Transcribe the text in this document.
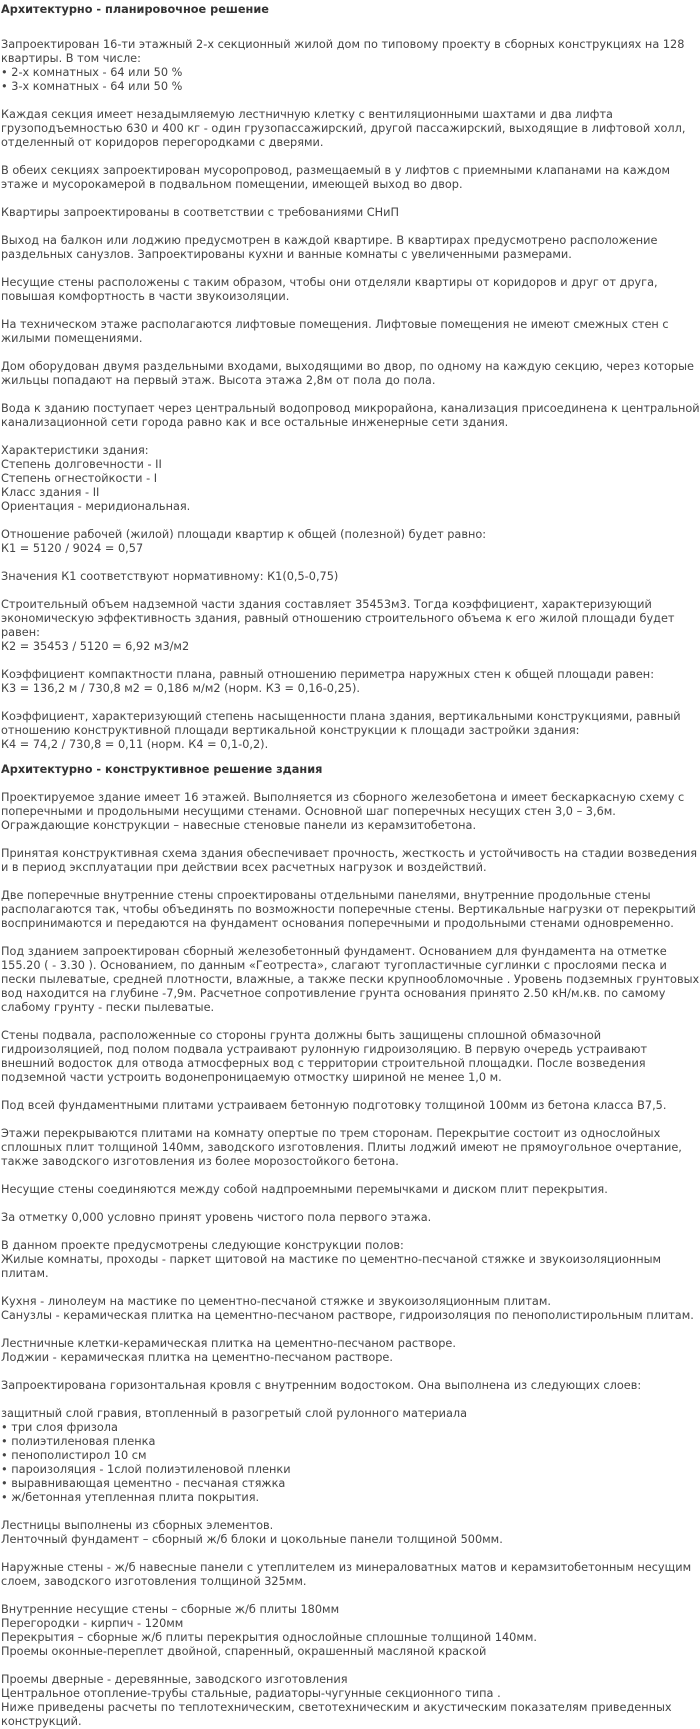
Архитектурно - планировочное решение
Запроектирован 16-ти этажный 2-х секционный жилой дом по типовому проекту в сборных конструкциях на 128 квартиры. В том числе:
• 2-х комнатных - 64 или 50 %
• 3-х комнатных - 64 или 50 %
Каждая секция имеет незадымляемую лестничную клетку с вентиляционными шахтами и два лифта грузоподъемностью 630 и 400 кг - один грузопассажирский, другой пассажирский, выходящие в лифтовой холл, отделенный от коридоров перегородками с дверями.
В обеих секциях запроектирован мусоропровод, размещаемый в у лифтов с приемными клапанами на каждом этаже и мусорокамерой в подвальном помещении, имеющей выход во двор.
Квартиры запроектированы в соответствии с требованиями СНиП
Выход на балкон или лоджию предусмотрен в каждой квартире. В квартирах предусмотрено расположение раздельных санузлов. Запроектированы кухни и ванные комнаты с увеличенными размерами.
Несущие стены расположены с таким образом, чтобы они отделяли квартиры от коридоров и друг от друга, повышая комфортность в части звукоизоляции.
На техническом этаже располагаются лифтовые помещения. Лифтовые помещения не имеют смежных стен с жилыми помещениями.
Дом оборудован двумя раздельными входами, выходящими во двор, по одному на каждую секцию, через которые жильцы попадают на первый этаж. Высота этажа 2,8м от пола до пола.
Вода к зданию поступает через центральный водопровод микрорайона, канализация присоединена к центральной канализационной сети города равно как и все остальные инженерные сети здания.
Характеристики здания:
Степень долговечности - II
Степень огнестойкости - I
Класс здания - II
Ориентация - меридиональная.
Отношение рабочей (жилой) площади квартир к общей (полезной) будет равно:
К1 = 5120 / 9024 = 0,57
Значения К1 соответствуют нормативному: К1(0,5-0,75)
Строительный объем надземной части здания составляет 35453м3. Тогда коэффициент, характеризующий экономическую эффективность здания, равный отношению строительного объема к его жилой площади будет равен:
К2 = 35453 / 5120 = 6,92 м3/м2
Коэффициент компактности плана, равный отношению периметра наружных стен к общей площади равен:
К3 = 136,2 м / 730,8 м2 = 0,186 м/м2 (норм. К3 = 0,16-0,25).
Коэффициент, характеризующий степень насыщенности плана здания, вертикальными конструкциями, равный отношению конструктивной площади вертикальной конструкции к площади застройки здания:
К4 = 74,2 / 730,8 = 0,11 (норм. К4 = 0,1-0,2).
Архитектурно - конструктивное решение здания
Проектируемое здание имеет 16 этажей. Выполняется из сборного железобетона и имеет бескаркасную схему с поперечными и продольными несущими стенами. Основной шаг поперечных несущих стен 3,0 – 3,6м. Ограждающие конструкции – навесные стеновые панели из керамзитобетона.
Принятая конструктивная схема здания обеспечивает прочность, жесткость и устойчивость на стадии возведения и в период эксплуатации при действии всех расчетных нагрузок и воздействий.
Две поперечные внутренние стены спроектированы отдельными панелями, внутренние продольные стены располагаются так, чтобы объединять по возможности поперечные стены. Вертикальные нагрузки от перекрытий воспринимаются и передаются на фундамент основания поперечными и продольными стенами одновременно.
Под зданием запроектирован сборный железобетонный фундамент. Основанием для фундамента на отметке 155.20 ( - 3.30 ). Основанием, по данным «Геотреста», слагают тугопластичные суглинки с прослоями песка и пески пылеватые, средней плотности, влажные, а также пески крупнообломочные . Уровень подземных грунтовых вод находится на глубине -7,9м. Расчетное сопротивление грунта основания принято 2.50 кН/м.кв. по самому слабому грунту - пески пылеватые.
Стены подвала, расположенные со стороны грунта должны быть защищены сплошной обмазочной гидроизоляцией, под полом подвала устраивают рулонную гидроизоляцию. В первую очередь устраивают внешний водосток для отвода атмосферных вод с территории строительной площадки. После возведения подземной части устроить водонепроницаемую отмостку шириной не менее 1,0 м.
Под всей фундаментными плитами устраиваем бетонную подготовку толщиной 100мм из бетона класса В7,5.
Этажи перекрываются плитами на комнату опертые по трем сторонам. Перекрытие состоит из однослойных сплошных плит толщиной 140мм, заводского изготовления. Плиты лоджий имеют не прямоугольное очертание, также заводского изготовления из более морозостойкого бетона.
Несущие стены соединяются между собой надпроемными перемычками и диском плит перекрытия.
За отметку 0,000 условно принят уровень чистого пола первого этажа.
В данном проекте предусмотрены следующие конструкции полов:
Жилые комнаты, проходы - паркет щитовой на мастике по цементно-песчаной стяжке и звукоизоляционным плитам.
Кухня - линолеум на мастике по цементно-песчаной стяжке и звукоизоляционным плитам.
Санузлы - керамическая плитка на цементно-песчаном растворе, гидроизоляция по пенополистирольным плитам.
Лестничные клетки-керамическая плитка на цементно-песчаном растворе.
Лоджии - керамическая плитка на цементно-песчаном растворе.
Запроектирована горизонтальная кровля с внутренним водостоком. Она выполнена из следующих слоев:
защитный слой гравия, втопленный в разогретый слой рулонного материала
• три слоя фризола
• полиэтиленовая пленка
• пенополистирол 10 см
• пароизоляция - 1слой полиэтиленовой пленки
• выравнивающая цементно - песчаная стяжка
• ж/бетонная утепленная плита покрытия.
Лестницы выполнены из сборных элементов.
Ленточный фундамент – сборный ж/б блоки и цокольные панели толщиной 500мм.
Наружные стены - ж/б навесные панели с утеплителем из минераловатных матов и керамзитобетонным несущим слоем, заводского изготовления толщиной 325мм.
Внутренние несущие стены – сборные ж/б плиты 180мм
Перегородки - кирпич - 120мм
Перекрытия – сборные ж/б плиты перекрытия однослойные сплошные толщиной 140мм.
Проемы оконные-переплет двойной, спаренный, окрашенный масляной краской
Проемы дверные - деревянные, заводского изготовления
Центральное отопление-трубы стальные, радиаторы-чугунные секционного типа .
Ниже приведены расчеты по теплотехническим, светотехническим и акустическим показателям приведенных конструкций.
